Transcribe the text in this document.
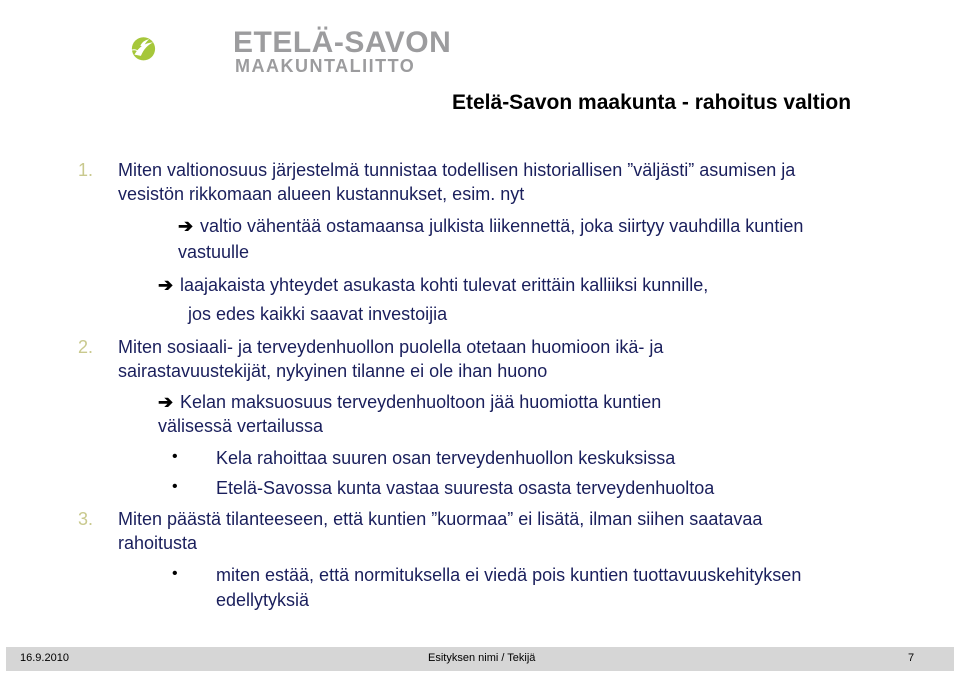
ETELÄ-SAVON
MAAKUNTALIITTO
Etelä-Savon maakunta - rahoitus valtion
1. Miten valtionosuus järjestelmä tunnistaa todellisen historiallisen ”väljästi” asumisen ja
vesistön rikkomaan alueen kustannukset, esim. nyt
➔ valtio vähentää ostamaansa julkista liikennettä, joka siirtyy vauhdilla kuntien
vastuulle
➔ laajakaista yhteydet asukasta kohti tulevat erittäin kalliiksi kunnille,
jos edes kaikki saavat investoijia
2. Miten sosiaali- ja terveydenhuollon puolella otetaan huomioon ikä- ja
sairastavuustekijät, nykyinen tilanne ei ole ihan huono
➔ Kelan maksuosuus terveydenhuoltoon jää huomiotta kuntien
välisessä vertailussa
• Kela rahoittaa suuren osan terveydenhuollon keskuksissa
• Etelä-Savossa kunta vastaa suuresta osasta terveydenhuoltoa
3. Miten päästä tilanteeseen, että kuntien ”kuormaa” ei lisätä, ilman siihen saatavaa
rahoitusta
• miten estää, että normituksella ei viedä pois kuntien tuottavuuskehityksen
edellytyksiä
16.9.2010	Esityksen nimi / Tekijä	7
